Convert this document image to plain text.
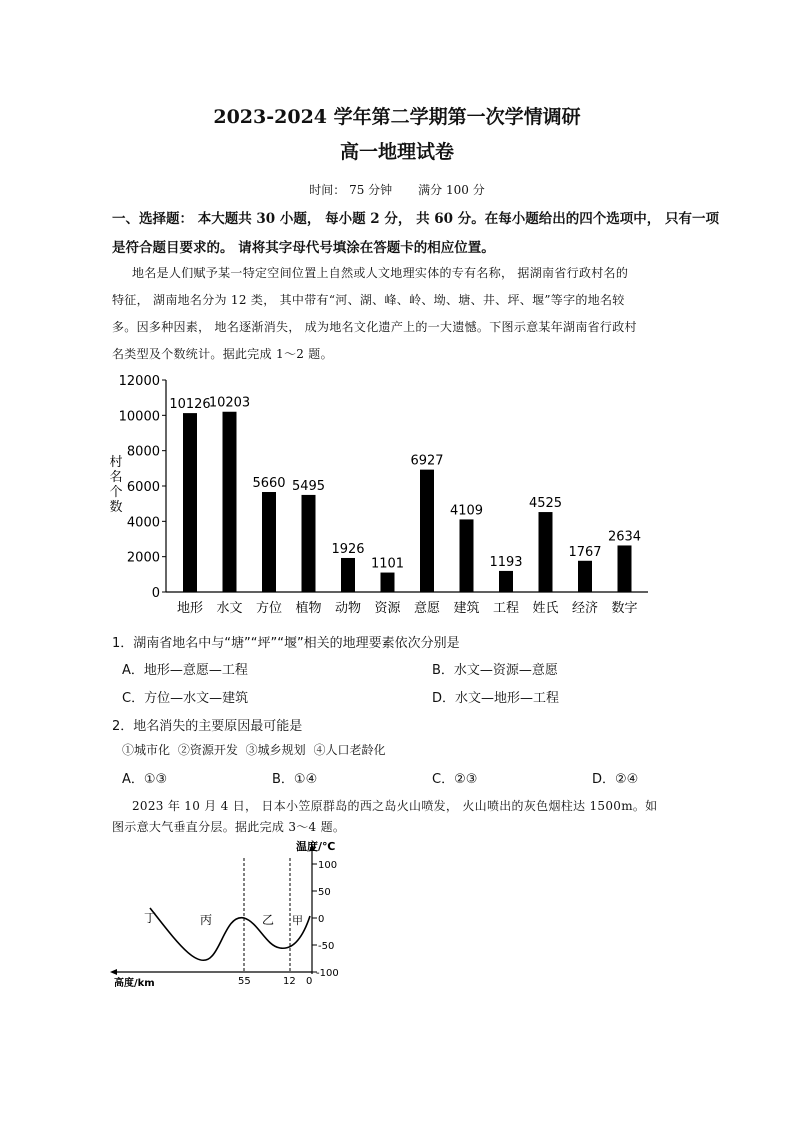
2023-2024 学年第二学期第一次学情调研
高一地理试卷
时间： 75 分钟 满分 100 分
一、选择题： 本大题共 30 小题， 每小题 2 分， 共 60 分。在每小题给出的四个选项中， 只有一项
是符合题目要求的。 请将其字母代号填涂在答题卡的相应位置。
地名是人们赋予某一特定空间位置上自然或人文地理实体的专有名称， 据湖南省行政村名的
特征， 湖南地名分为 12 类， 其中带有“河、湖、峰、岭、坳、塘、井、坪、堰”等字的地名较
多。因多种因素， 地名逐渐消失， 成为地名文化遗产上的一大遗憾。下图示意某年湖南省行政村
名类型及个数统计。据此完成 1～2 题。
村
名
个
数
0
2000
4000
6000
8000
10000
12000
10126
10203
5660 5495
1926
1101
6927
4109
1193
4525
1767
2634
地形 水文 方位 植物 动物 资源 意愿 建筑 工程 姓氏 经济 数字
1．湖南省地名中与“塘”“坪”“堰”相关的地理要素依次分别是
A．地形—意愿—工程	B．水文—资源—意愿
C．方位—水文—建筑	D．水文—地形—工程
2．地名消失的主要原因最可能是
①城市化 ②资源开发 ③城乡规划 ④人口老龄化
A．①③	B．①④	C．②③	D．②④
2023 年 10 月 4 日， 日本小笠原群岛的西之岛火山喷发， 火山喷出的灰色烟柱达 1500m。如
图示意大气垂直分层。据此完成 3～4 题。
温度/℃
100
50
0
-50
-100
高度/km	55	12 0
丁	丙	乙 甲
